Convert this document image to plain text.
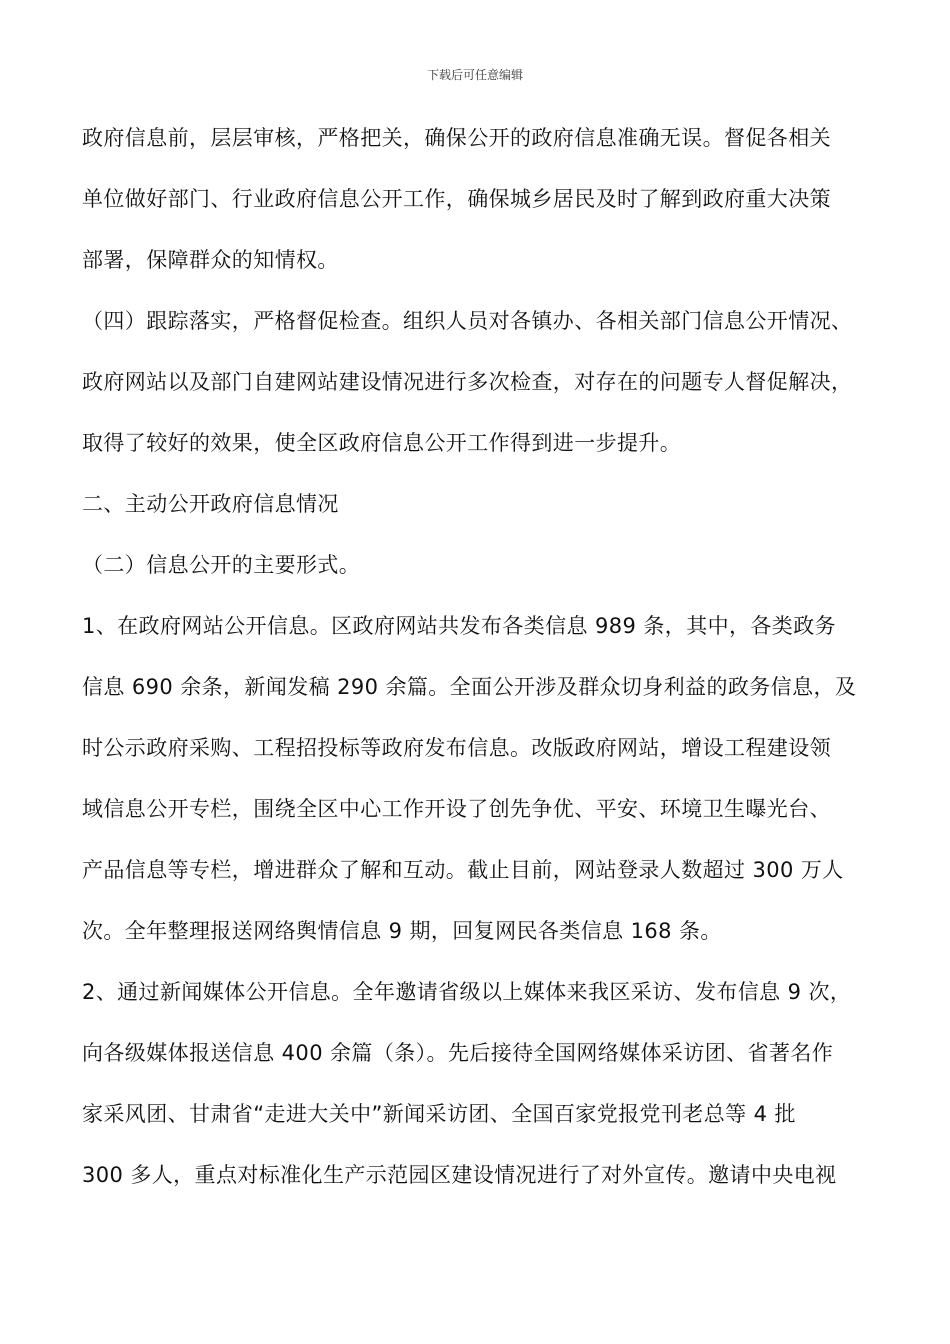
下载后可任意编辑
政府信息前，层层审核，严格把关，确保公开的政府信息准确无误。督促各相关
单位做好部门、行业政府信息公开工作，确保城乡居民及时了解到政府重大决策
部署，保障群众的知情权。
（四）跟踪落实，严格督促检查。组织人员对各镇办、各相关部门信息公开情况、
政府网站以及部门自建网站建设情况进行多次检查，对存在的问题专人督促解决，
取得了较好的效果，使全区政府信息公开工作得到进一步提升。
二、主动公开政府信息情况
（二）信息公开的主要形式。
1、在政府网站公开信息。区政府网站共发布各类信息 989 条，其中，各类政务
信息 690 余条，新闻发稿 290 余篇。全面公开涉及群众切身利益的政务信息，及
时公示政府采购、工程招投标等政府发布信息。改版政府网站，增设工程建设领
域信息公开专栏，围绕全区中心工作开设了创先争优、平安、环境卫生曝光台、
产品信息等专栏，增进群众了解和互动。截止目前，网站登录人数超过 300 万人
次。全年整理报送网络舆情信息 9 期，回复网民各类信息 168 条。
2、通过新闻媒体公开信息。全年邀请省级以上媒体来我区采访、发布信息 9 次，
向各级媒体报送信息 400 余篇（条）。先后接待全国网络媒体采访团、省著名作
家采风团、甘肃省“走进大关中”新闻采访团、全国百家党报党刊老总等 4 批
300 多人，重点对标准化生产示范园区建设情况进行了对外宣传。邀请中央电视
